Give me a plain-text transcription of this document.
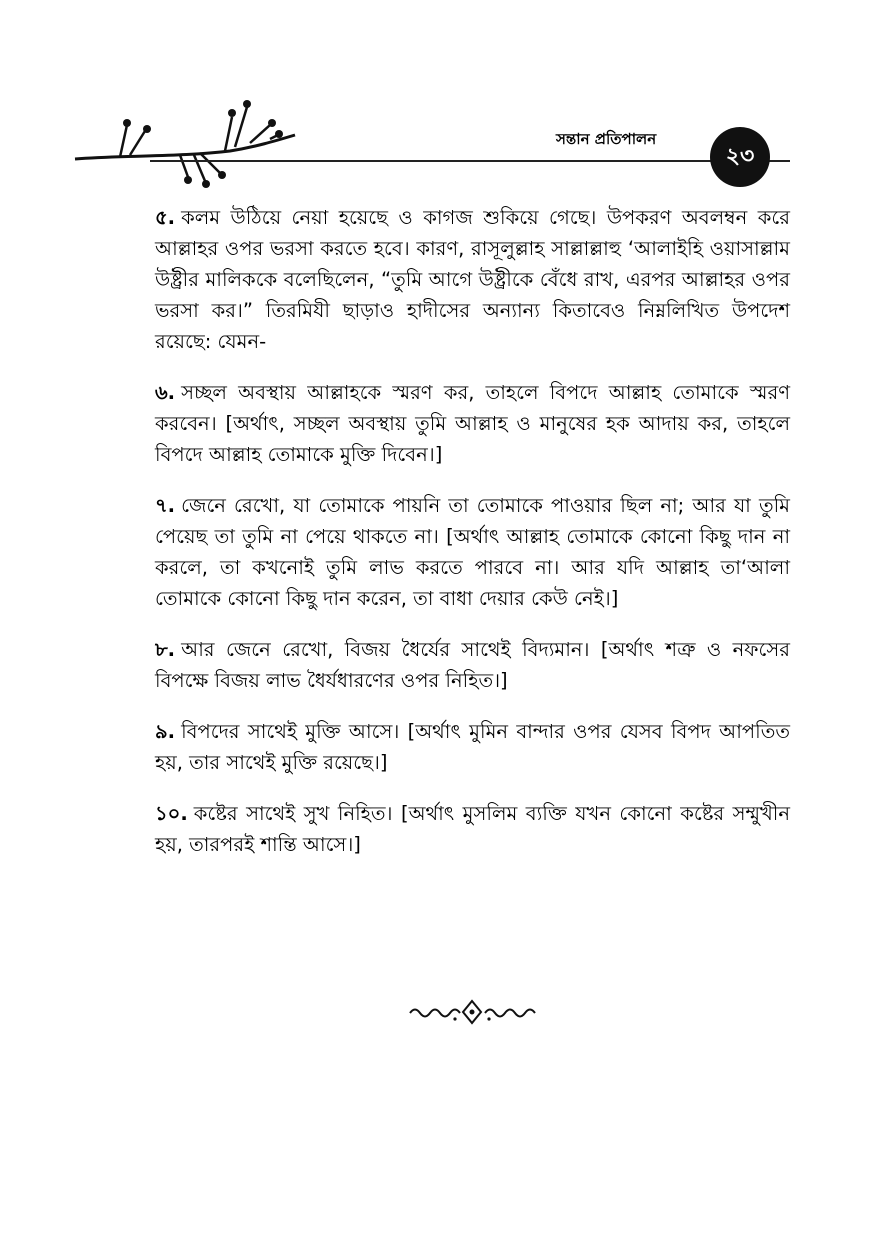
সন্তান প্রতিপালন
২৩

৫. কলম উঠিয়ে নেয়া হয়েছে ও কাগজ শুকিয়ে গেছে। উপকরণ অবলম্বন করে আল্লাহর ওপর ভরসা করতে হবে। কারণ, রাসূলুল্লাহ সাল্লাল্লাহু ‘আলাইহি ওয়াসাল্লাম উষ্ট্রীর মালিককে বলেছিলেন, “তুমি আগে উষ্ট্রীকে বেঁধে রাখ, এরপর আল্লাহর ওপর ভরসা কর।” তিরমিযী ছাড়াও হাদীসের অন্যান্য কিতাবেও নিম্নলিখিত উপদেশ রয়েছে: যেমন-

৬. সচ্ছল অবস্থায় আল্লাহকে স্মরণ কর, তাহলে বিপদে আল্লাহ তোমাকে স্মরণ করবেন। [অর্থাৎ, সচ্ছল অবস্থায় তুমি আল্লাহ ও মানুষের হক আদায় কর, তাহলে বিপদে আল্লাহ তোমাকে মুক্তি দিবেন।]

৭. জেনে রেখো, যা তোমাকে পায়নি তা তোমাকে পাওয়ার ছিল না; আর যা তুমি পেয়েছ তা তুমি না পেয়ে থাকতে না। [অর্থাৎ আল্লাহ তোমাকে কোনো কিছু দান না করলে, তা কখনোই তুমি লাভ করতে পারবে না। আর যদি আল্লাহ তা‘আলা তোমাকে কোনো কিছু দান করেন, তা বাধা দেয়ার কেউ নেই।]

৮. আর জেনে রেখো, বিজয় ধৈর্যের সাথেই বিদ্যমান। [অর্থাৎ শত্রু ও নফসের বিপক্ষে বিজয় লাভ ধৈর্যধারণের ওপর নিহিত।]

৯. বিপদের সাথেই মুক্তি আসে। [অর্থাৎ মুমিন বান্দার ওপর যেসব বিপদ আপতিত হয়, তার সাথেই মুক্তি রয়েছে।]

১০. কষ্টের সাথেই সুখ নিহিত। [অর্থাৎ মুসলিম ব্যক্তি যখন কোনো কষ্টের সম্মুখীন হয়, তারপরই শান্তি আসে।]
